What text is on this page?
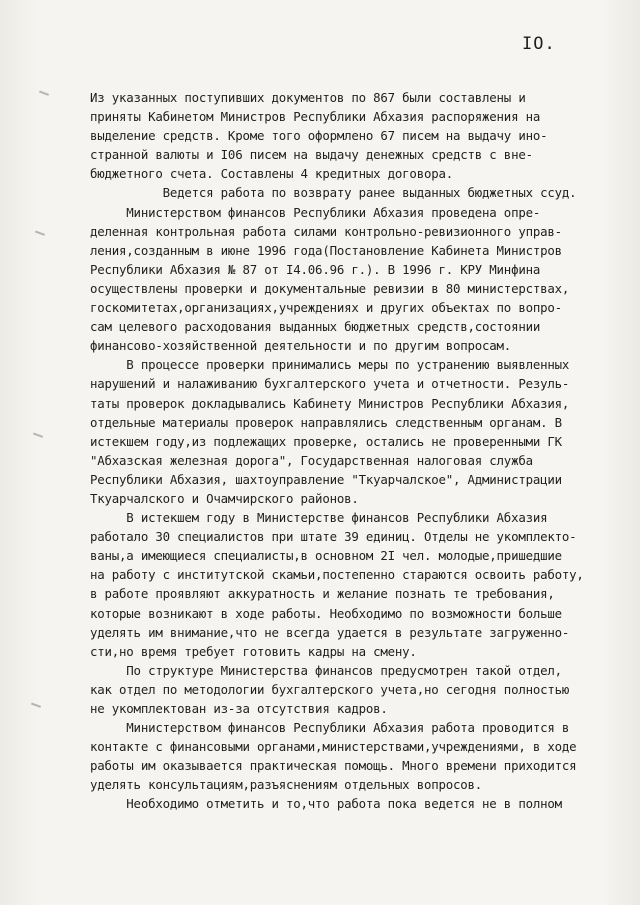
IO.
Из указанных поступивших документов по 867 были составлены и
приняты Кабинетом Министров Республики Абхазия распоряжения на
выделение средств. Кроме того оформлено 67 писем на выдачу ино-
странной валюты и I06 писем на выдачу денежных средств с вне-
бюджетного счета. Составлены 4 кредитных договора.
Ведется работа по возврату ранее выданных бюджетных ссуд.
Министерством финансов Республики Абхазия проведена опре-
деленная контрольная работа силами контрольно-ревизионного управ-
ления,созданным в июне 1996 года(Постановление Кабинета Министров
Республики Абхазия № 87 от I4.06.96 г.). В 1996 г. КРУ Минфина
осуществлены проверки и документальные ревизии в 80 министерствах,
госкомитетах,организациях,учреждениях и других объектах по вопро-
сам целевого расходования выданных бюджетных средств,состоянии
финансово-хозяйственной деятельности и по другим вопросам.
В процессе проверки принимались меры по устранению выявленных
нарушений и налаживанию бухгалтерского учета и отчетности. Резуль-
таты проверок докладывались Кабинету Министров Республики Абхазия,
отдельные материалы проверок направлялись следственным органам. В
истекшем году,из подлежащих проверке, остались не проверенными ГК
"Абхазская железная дорога", Государственная налоговая служба
Республики Абхазия, шахтоуправление "Ткуарчалское", Администрации
Ткуарчалского и Очамчирского районов.
В истекшем году в Министерстве финансов Республики Абхазия
работало 30 специалистов при штате 39 единиц. Отделы не укомплекто-
ваны,а имеющиеся специалисты,в основном 2I чел. молодые,пришедшие
на работу с институтской скамьи,постепенно стараются освоить работу,
в работе проявляют аккуратность и желание познать те требования,
которые возникают в ходе работы. Необходимо по возможности больше
уделять им внимание,что не всегда удается в результате загруженно-
сти,но время требует готовить кадры на смену.
По структуре Министерства финансов предусмотрен такой отдел,
как отдел по методологии бухгалтерского учета,но сегодня полностью
не укомплектован из-за отсутствия кадров.
Министерством финансов Республики Абхазия работа проводится в
контакте с финансовыми органами,министерствами,учреждениями, в ходе
работы им оказывается практическая помощь. Много времени приходится
уделять консультациям,разъяснениям отдельных вопросов.
Необходимо отметить и то,что работа пока ведется не в полном
